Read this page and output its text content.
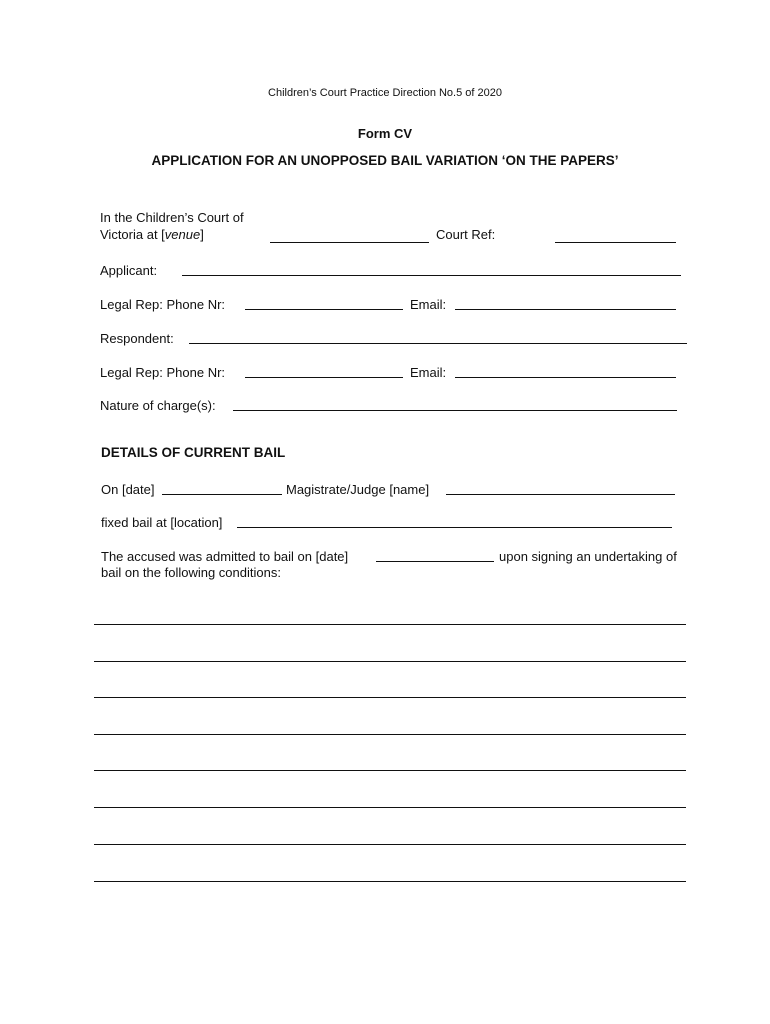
Children’s Court Practice Direction No.5 of 2020
Form CV
APPLICATION FOR AN UNOPPOSED BAIL VARIATION ‘ON THE PAPERS’
In the Children’s Court of
Victoria at [venue]	Court Ref:
Applicant:
Legal Rep: Phone Nr:	Email:
Respondent:
Legal Rep: Phone Nr:	Email:
Nature of charge(s):
DETAILS OF CURRENT BAIL
On [date]	Magistrate/Judge [name]
fixed bail at [location]
The accused was admitted to bail on [date]	upon signing an undertaking of
bail on the following conditions:
